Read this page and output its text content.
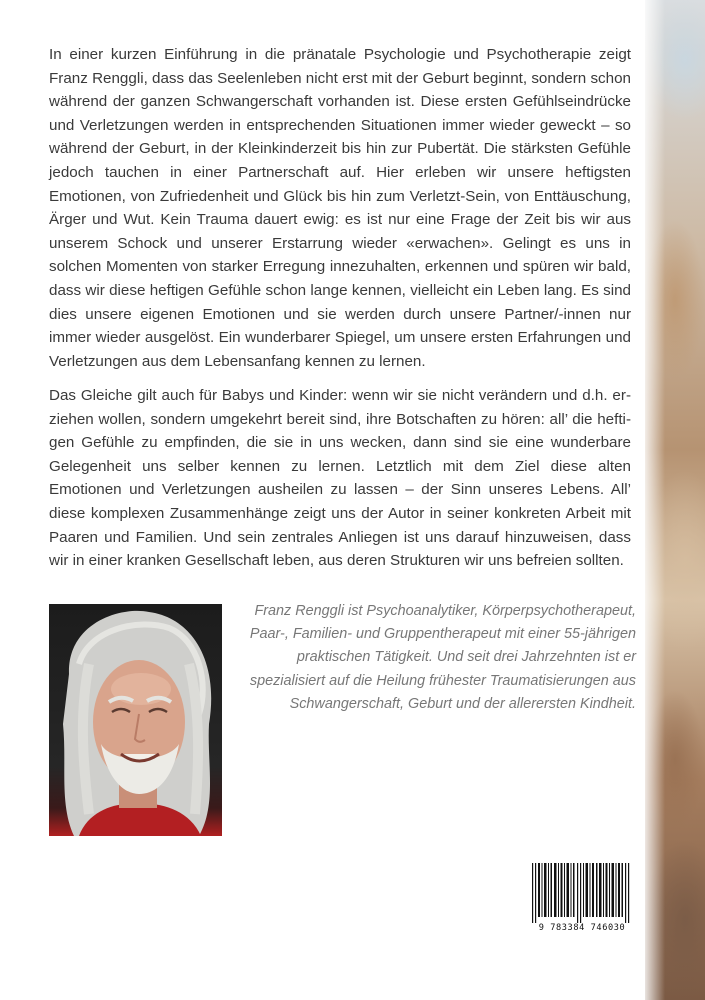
In einer kurzen Einführung in die pränatale Psychologie und Psychotherapie zeigt Franz Renggli, dass das Seelenleben nicht erst mit der Geburt beginnt, sondern schon während der ganzen Schwangerschaft vorhanden ist. Diese ersten Gefühlseindrücke und Verletzungen werden in entsprechenden Situationen immer wieder geweckt – so während der Geburt, in der Kleinkinderzeit bis hin zur Pubertät. Die stärksten Gefühle jedoch tauchen in einer Partnerschaft auf. Hier erleben wir unsere heftigsten Emotionen, von Zufriedenheit und Glück bis hin zum Verletzt-Sein, von Enttäuschung, Ärger und Wut. Kein Trauma dauert ewig: es ist nur eine Frage der Zeit bis wir aus unserem Schock und unserer Erstarrung wieder «erwachen». Gelingt es uns in solchen Momenten von starker Erregung innezuhalten, erkennen und spüren wir bald, dass wir diese heftigen Gefühle schon lange kennen, vielleicht ein Leben lang. Es sind dies unsere eigenen Emotionen und sie werden durch unsere Partner/-innen nur immer wieder ausgelöst. Ein wunderbarer Spiegel, um unsere ersten Erfahrungen und Verletzungen aus dem Lebensanfang kennen zu lernen.

Das Gleiche gilt auch für Babys und Kinder: wenn wir sie nicht verändern und d.h. erziehen wollen, sondern umgekehrt bereit sind, ihre Botschaften zu hören: all’ die heftigen Gefühle zu empfinden, die sie in uns wecken, dann sind sie eine wunderbare Gelegenheit uns selber kennen zu lernen. Letztlich mit dem Ziel diese alten Emotionen und Verletzungen ausheilen zu lassen – der Sinn unseres Lebens. All’ diese komplexen Zusammenhänge zeigt uns der Autor in seiner konkreten Arbeit mit Paaren und Familien. Und sein zentrales Anliegen ist uns darauf hinzuweisen, dass wir in einer kranken Gesellschaft leben, aus deren Strukturen wir uns befreien sollten.

Franz Renggli ist Psychoanalytiker, Körperpsychotherapeut, Paar-, Familien- und Gruppentherapeut mit einer 55-jährigen praktischen Tätigkeit. Und seit drei Jahrzehnten ist er spezialisiert auf die Heilung frühester Traumatisierungen aus Schwangerschaft, Geburt und der allerersten Kindheit.

9 783384 746030
